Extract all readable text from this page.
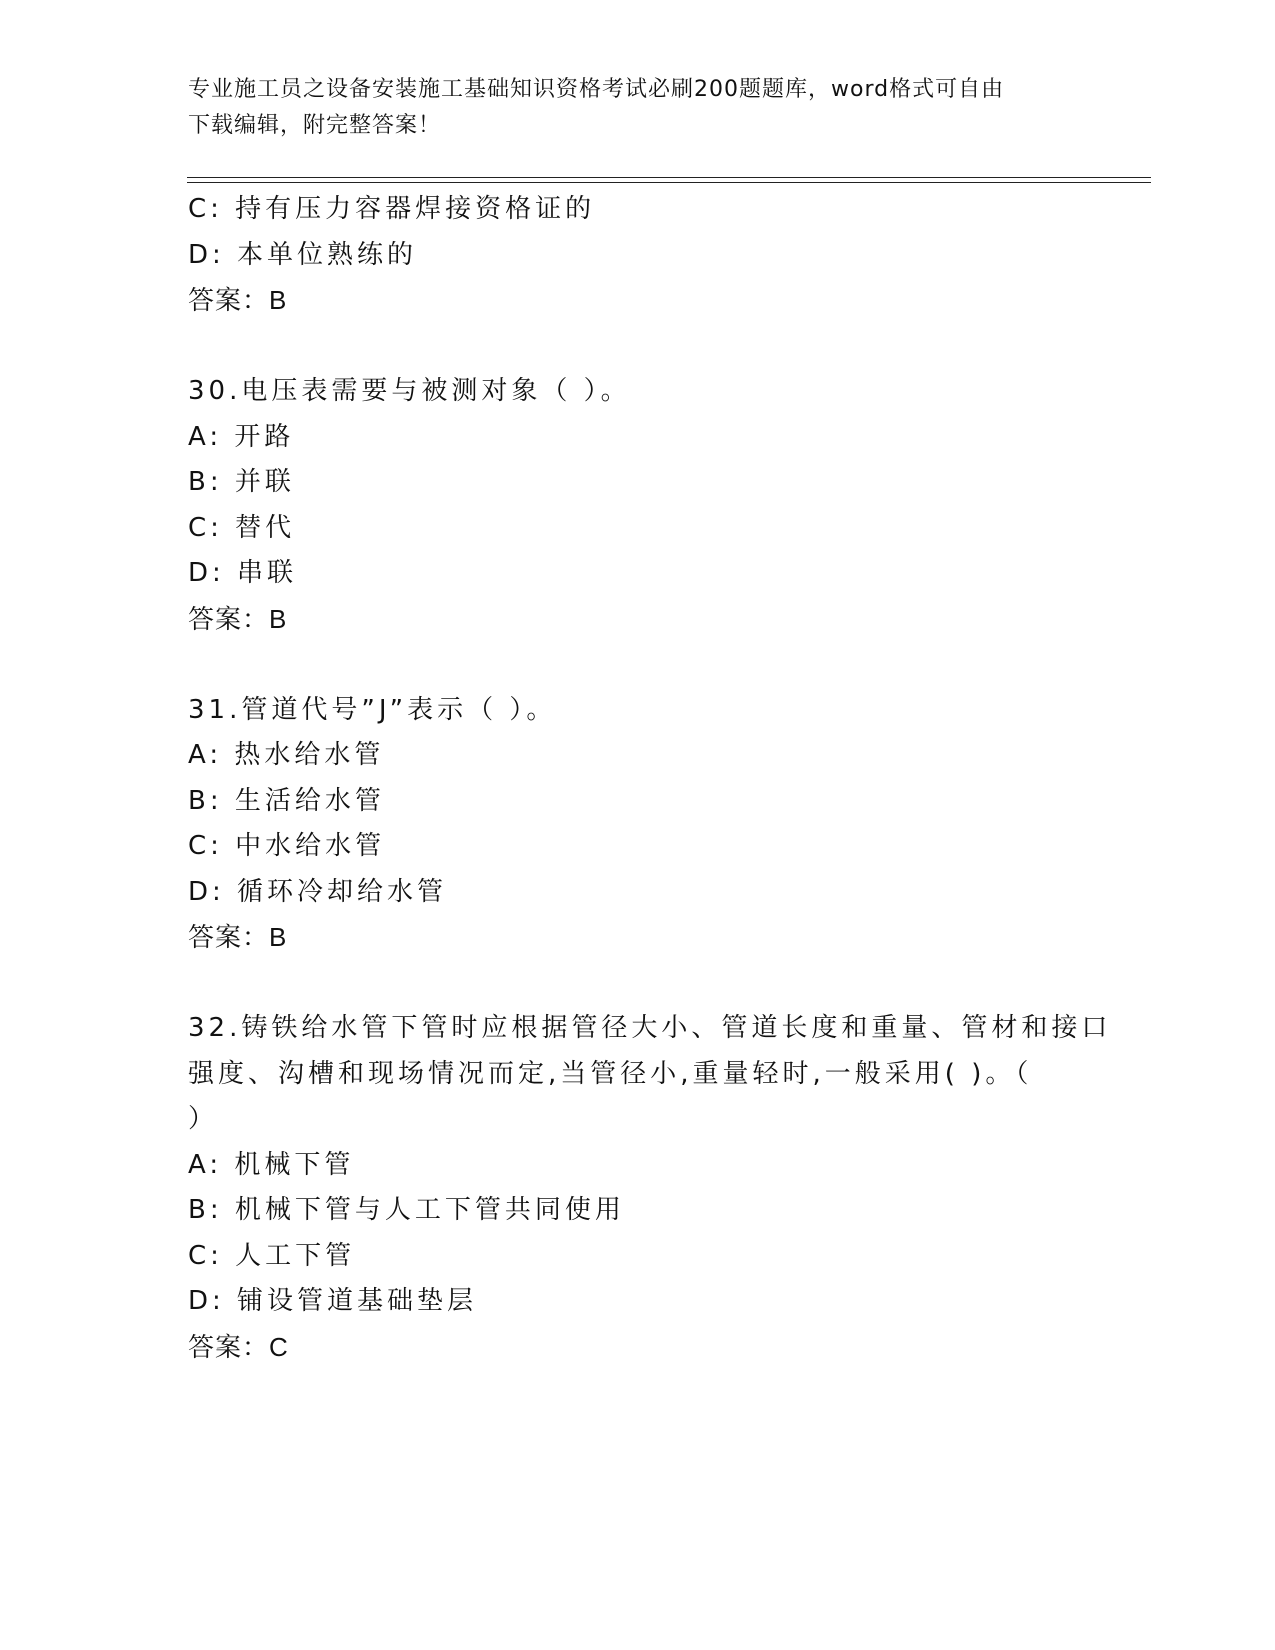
专业施工员之设备安装施工基础知识资格考试必刷200题题库，word格式可自由
下载编辑，附完整答案！
C: 持有压力容器焊接资格证的
D: 本单位熟练的
答案：B
30.电压表需要与被测对象（ ）。
A: 开路
B: 并联
C: 替代
D: 串联
答案：B
31.管道代号”J”表示（ ）。
A: 热水给水管
B: 生活给水管
C: 中水给水管
D: 循环冷却给水管
答案：B
32.铸铁给水管下管时应根据管径大小、管道长度和重量、管材和接口
强度、沟槽和现场情况而定,当管径小,重量轻时,一般采用( )。（
）
A: 机械下管
B: 机械下管与人工下管共同使用
C: 人工下管
D: 铺设管道基础垫层
答案：C
